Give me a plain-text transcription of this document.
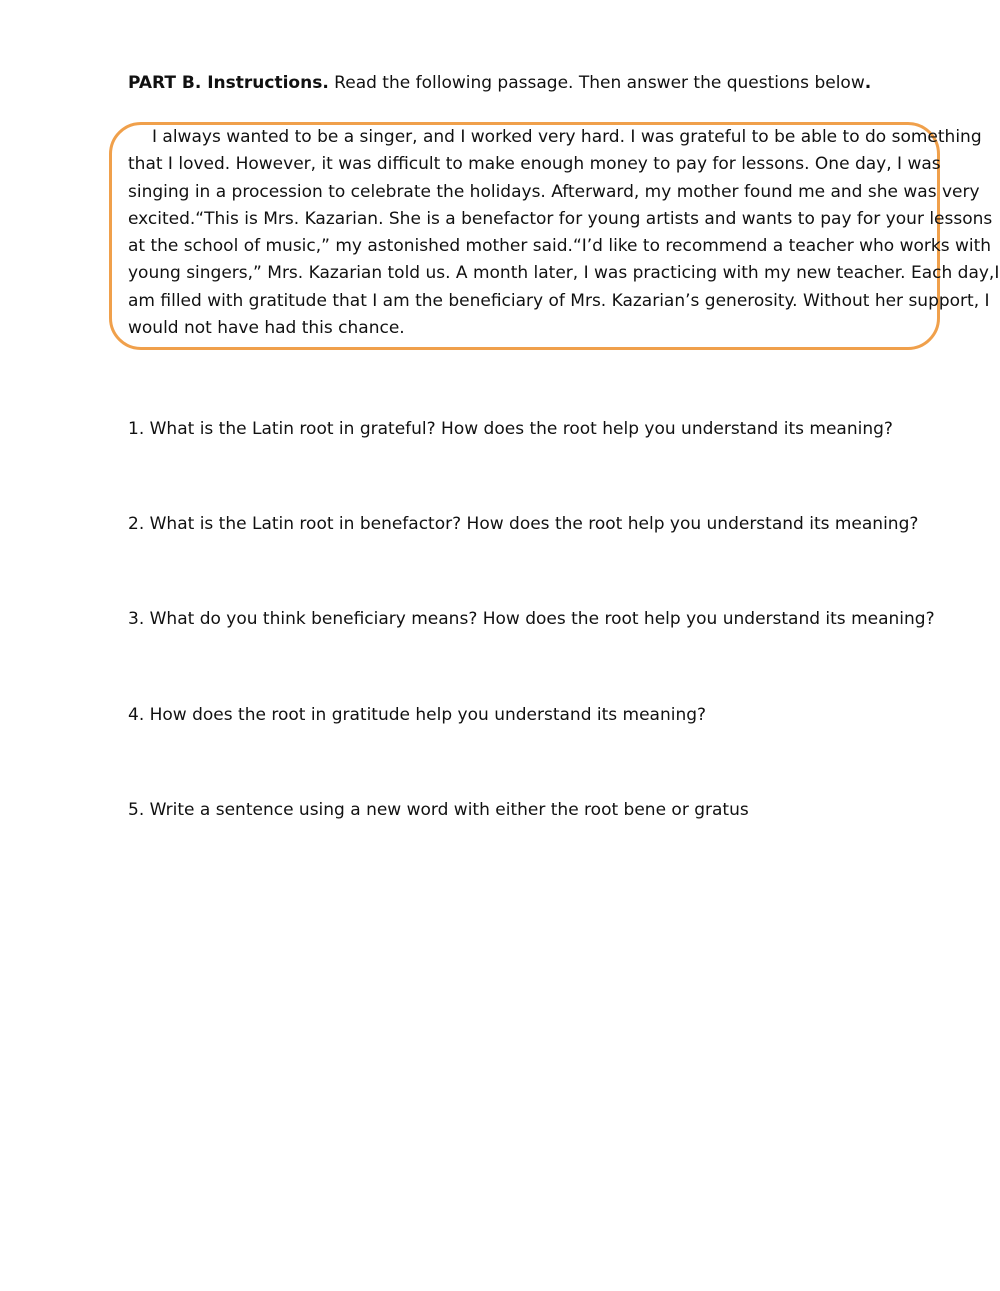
PART B. Instructions. Read the following passage. Then answer the questions below.
I always wanted to be a singer, and I worked very hard. I was grateful to be able to do something
that I loved. However, it was difficult to make enough money to pay for lessons. One day, I was
singing in a procession to celebrate the holidays. Afterward, my mother found me and she was very
excited.“This is Mrs. Kazarian. She is a benefactor for young artists and wants to pay for your lessons
at the school of music,” my astonished mother said.“I’d like to recommend a teacher who works with
young singers,” Mrs. Kazarian told us. A month later, I was practicing with my new teacher. Each day,I
am filled with gratitude that I am the beneficiary of Mrs. Kazarian’s generosity. Without her support, I
would not have had this chance.
1. What is the Latin root in grateful? How does the root help you understand its meaning?
2. What is the Latin root in benefactor? How does the root help you understand its meaning?
3. What do you think beneficiary means? How does the root help you understand its meaning?
4. How does the root in gratitude help you understand its meaning?
5. Write a sentence using a new word with either the root bene or gratus
